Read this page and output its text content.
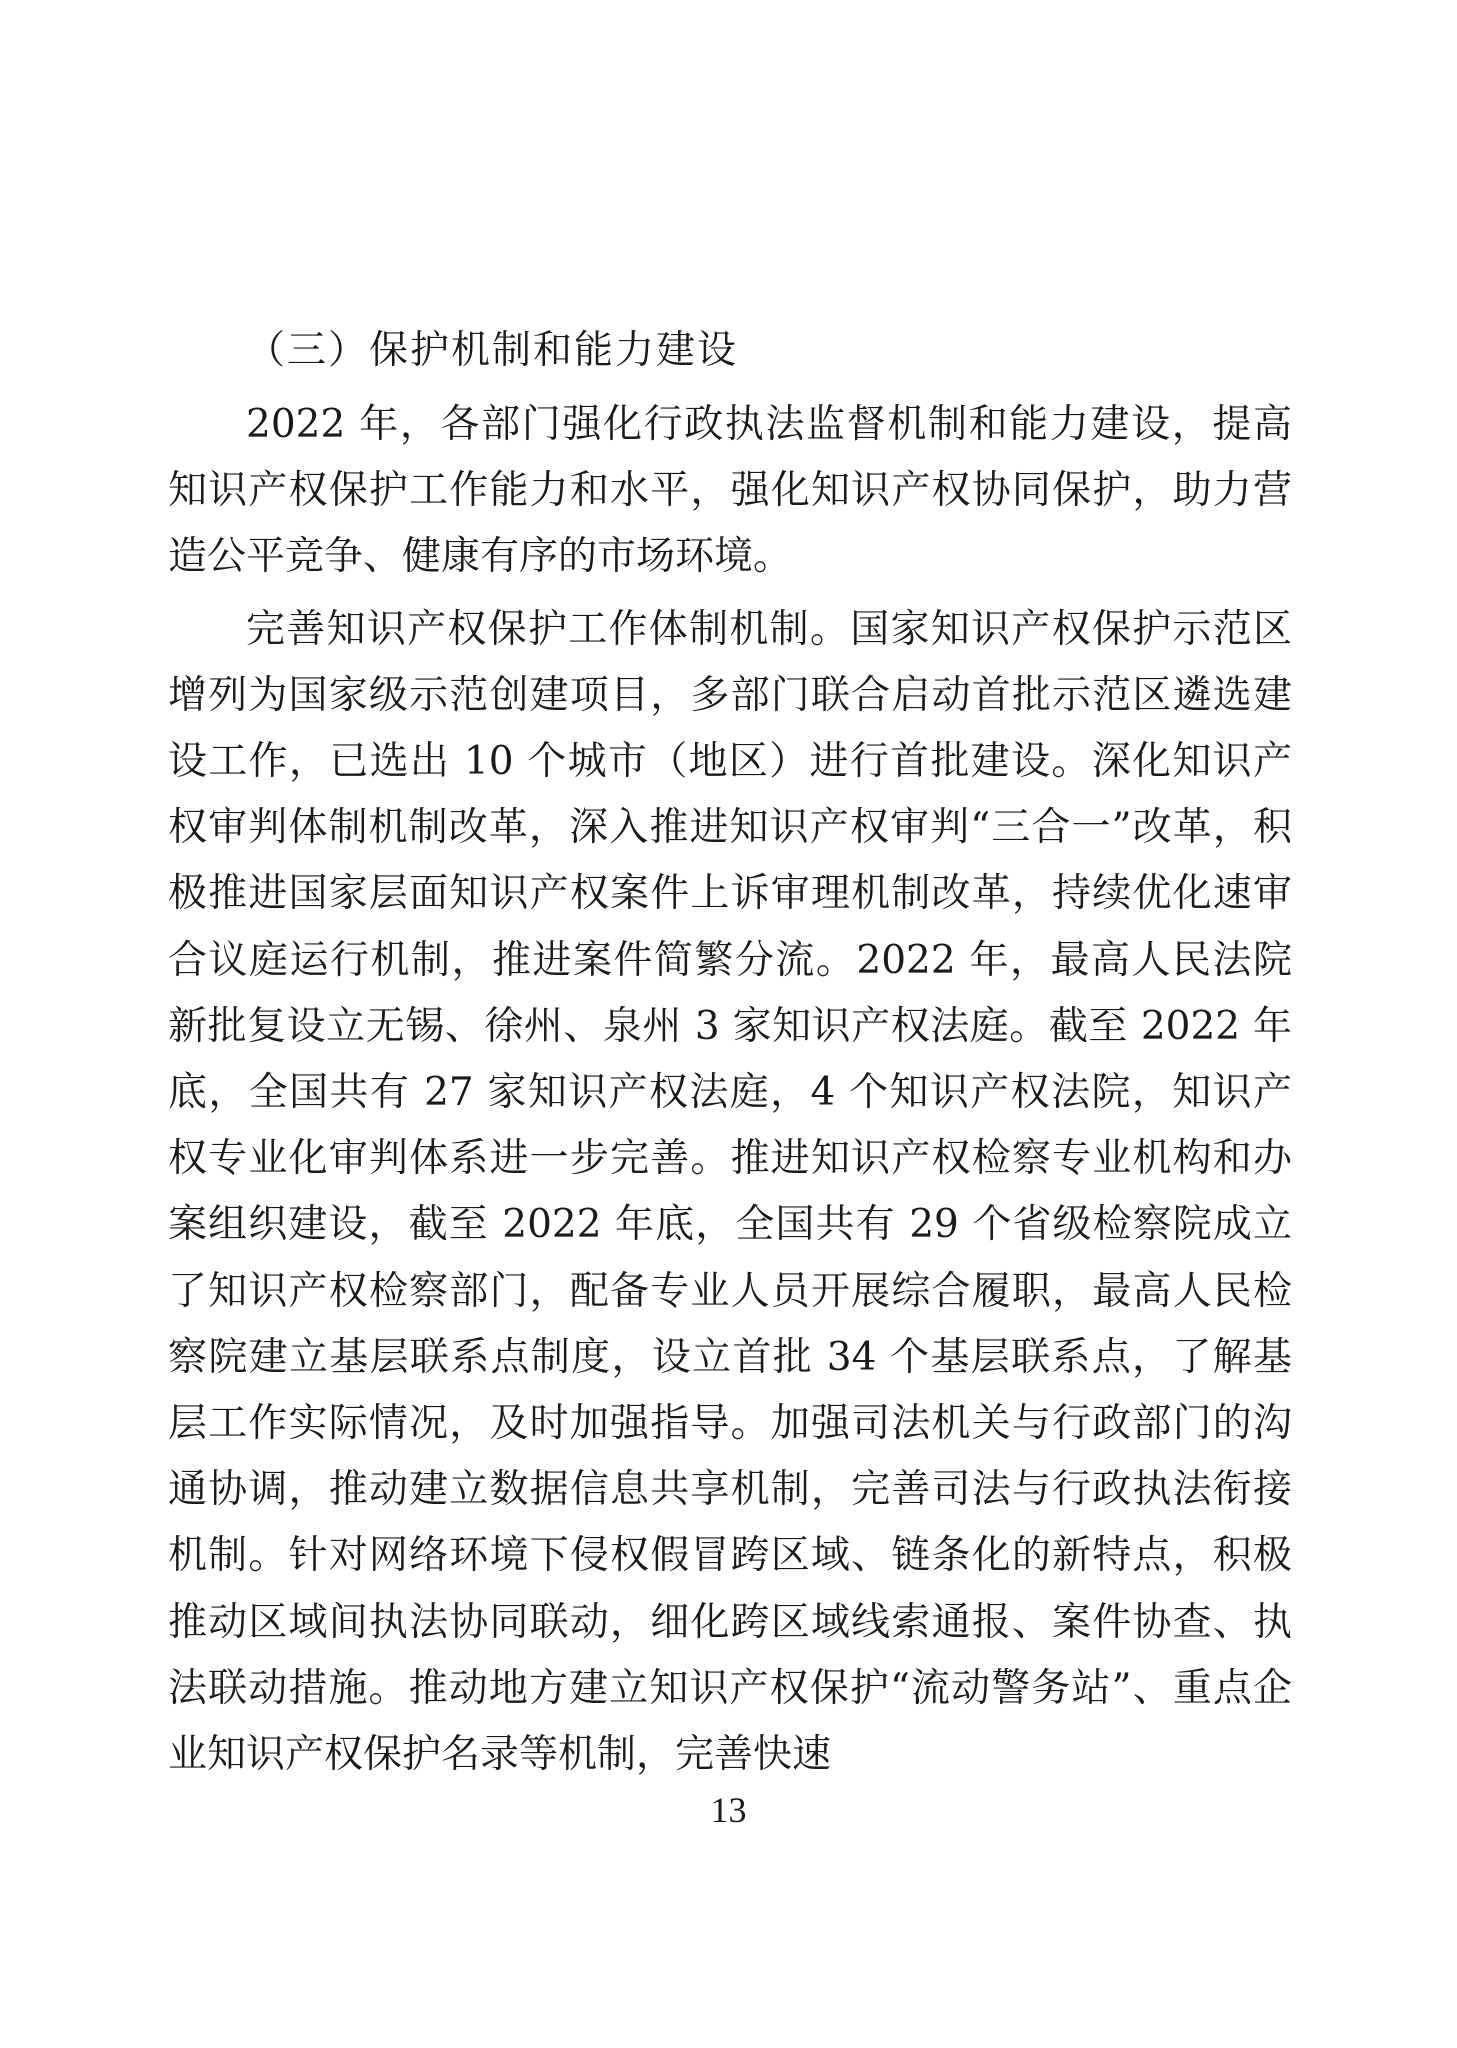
（三）保护机制和能力建设

2022 年，各部门强化行政执法监督机制和能力建设，提高知识产权保护工作能力和水平，强化知识产权协同保护，助力营造公平竞争、健康有序的市场环境。

完善知识产权保护工作体制机制。国家知识产权保护示范区增列为国家级示范创建项目，多部门联合启动首批示范区遴选建设工作，已选出 10 个城市（地区）进行首批建设。深化知识产权审判体制机制改革，深入推进知识产权审判“三合一”改革，积极推进国家层面知识产权案件上诉审理机制改革，持续优化速审合议庭运行机制，推进案件简繁分流。2022 年，最高人民法院新批复设立无锡、徐州、泉州 3 家知识产权法庭。截至 2022 年底，全国共有 27 家知识产权法庭，4 个知识产权法院，知识产权专业化审判体系进一步完善。推进知识产权检察专业机构和办案组织建设，截至 2022 年底，全国共有 29 个省级检察院成立了知识产权检察部门，配备专业人员开展综合履职，最高人民检察院建立基层联系点制度，设立首批 34 个基层联系点，了解基层工作实际情况，及时加强指导。加强司法机关与行政部门的沟通协调，推动建立数据信息共享机制，完善司法与行政执法衔接机制。针对网络环境下侵权假冒跨区域、链条化的新特点，积极推动区域间执法协同联动，细化跨区域线索通报、案件协查、执法联动措施。推动地方建立知识产权保护“流动警务站”、重点企业知识产权保护名录等机制，完善快速

13
